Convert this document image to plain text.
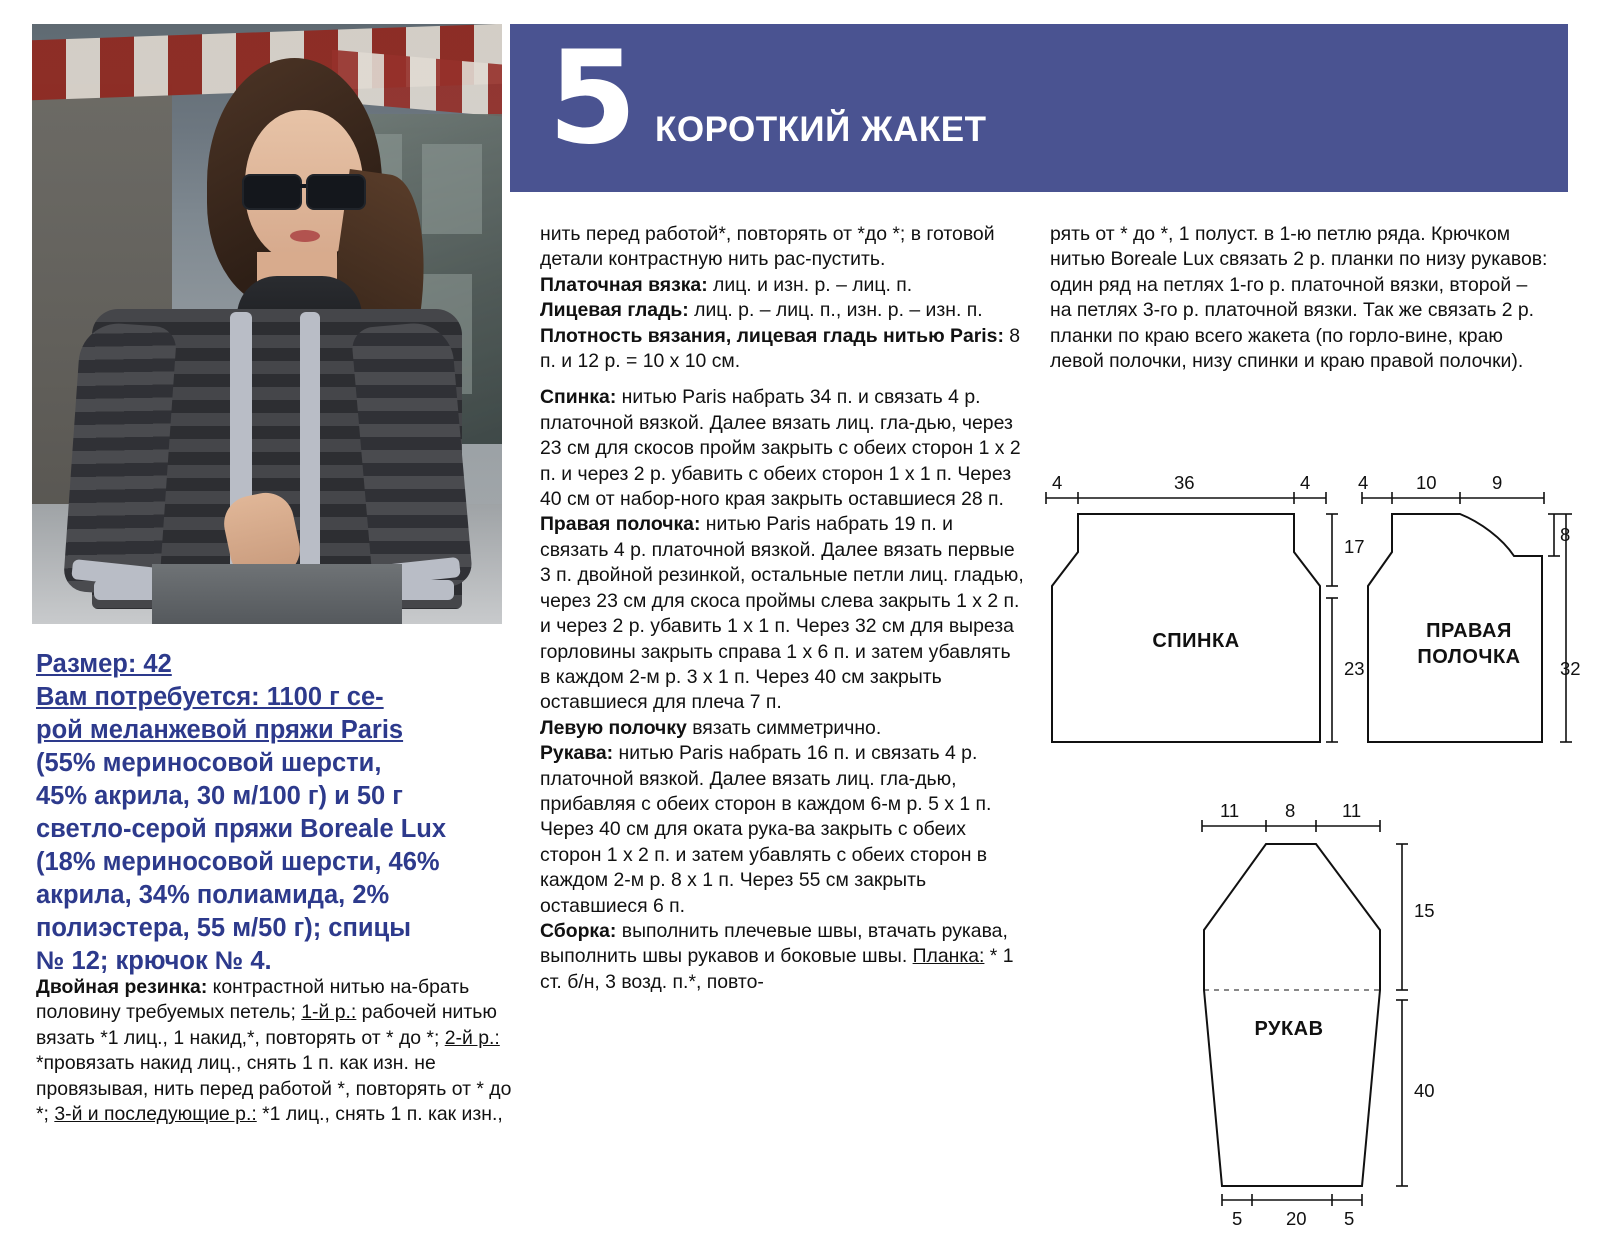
5 КОРОТКИЙ ЖАКЕТ
Размер: 42
Вам потребуется: 1100 г се-
рой меланжевой пряжи Paris
(55% мериносовой шерсти,
45% акрила, 30 м/100 г) и 50 г
светло-серой пряжи Boreale Lux
(18% мериносовой шерсти, 46%
акрила, 34% полиамида, 2%
полиэстера, 55 м/50 г); спицы
№ 12; крючок № 4.

Двойная резинка: контрастной нитью на-брать половину требуемых петель; 1-й р.: рабочей нитью вязать *1 лиц., 1 накид,*, повторять от * до *; 2-й р.: *провязать накид лиц., снять 1 п. как изн. не провязывая, нить перед работой *, повторять от * до *; 3-й и последующие р.: *1 лиц., снять 1 п. как изн.,

нить перед работой*, повторять от *до *; в готовой детали контрастную нить рас-пустить.

Платочная вязка: лиц. и изн. р. – лиц. п.

Лицевая гладь: лиц. р. – лиц. п., изн. р. – изн. п.

Плотность вязания, лицевая гладь нитью Paris: 8 п. и 12 р. = 10 х 10 см.

Спинка: нитью Paris набрать 34 п. и связать 4 р. платочной вязкой. Далее вязать лиц. гла-дью, через 23 см для скосов пройм закрыть с обеих сторон 1 х 2 п. и через 2 р. убавить с обеих сторон 1 х 1 п. Через 40 см от набор-ного края закрыть оставшиеся 28 п.

Правая полочка: нитью Paris набрать 19 п. и связать 4 р. платочной вязкой. Далее вязать первые 3 п. двойной резинкой, остальные петли лиц. гладью, через 23 см для скоса проймы слева закрыть 1 х 2 п. и через 2 р. убавить 1 х 1 п. Через 32 см для выреза горловины закрыть справа 1 х 6 п. и затем убавлять в каждом 2-м р. 3 х 1 п. Через 40 см закрыть оставшиеся для плеча 7 п.

Левую полочку вязать симметрично.

Рукава: нитью Paris набрать 16 п. и связать 4 р. платочной вязкой. Далее вязать лиц. гла-дью, прибавляя с обеих сторон в каждом 6-м р. 5 х 1 п. Через 40 см для оката рука-ва закрыть с обеих сторон 1 х 2 п. и затем убавлять с обеих сторон в каждом 2-м р. 8 х 1 п. Через 55 см закрыть оставшиеся 6 п.

Сборка: выполнить плечевые швы, втачать рукава, выполнить швы рукавов и боковые швы. Планка: * 1 ст. б/н, 3 возд. п.*, повто-

рять от * до *, 1 полуст. в 1-ю петлю ряда. Крючком нитью Boreale Lux связать 2 р. планки по низу рукавов: один ряд на петлях 1-го р. платочной вязки, второй – на петлях 3-го р. платочной вязки. Так же связать 2 р. планки по краю всего жакета (по горло-вине, краю левой полочки, низу спинки и краю правой полочки).

4	36	4
17
23
СПИНКА
4	10	9
8
32
ПРАВАЯ
ПОЛОЧКА
11 8	11
15
40
5 20 5
РУКАВ
